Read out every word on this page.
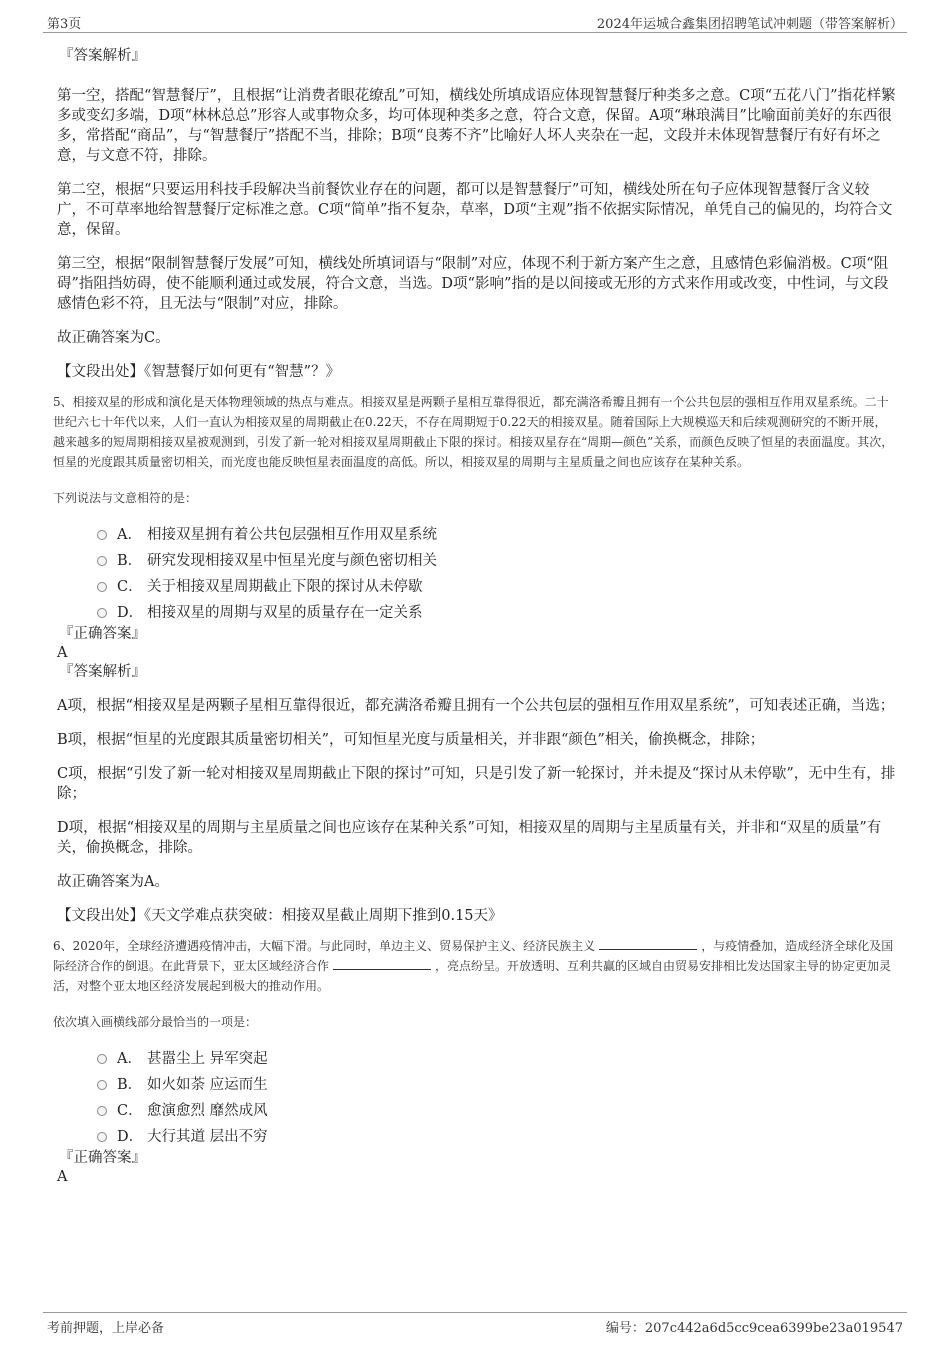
第3页	2024年运城合鑫集团招聘笔试冲刺题（带答案解析）

『答案解析』

第一空，搭配“智慧餐厅”，且根据“让消费者眼花缭乱”可知，横线处所填成语应体现智慧餐厅种类多之意。C项“五花八门”指花样繁多或变幻多端，D项“林林总总”形容人或事物众多，均可体现种类多之意，符合文意，保留。A项“琳琅满目”比喻面前美好的东西很多，常搭配“商品”，与“智慧餐厅”搭配不当，排除；B项“良莠不齐”比喻好人坏人夹杂在一起，文段并未体现智慧餐厅有好有坏之意，与文意不符，排除。

第二空，根据“只要运用科技手段解决当前餐饮业存在的问题，都可以是智慧餐厅”可知，横线处所在句子应体现智慧餐厅含义较广，不可草率地给智慧餐厅定标准之意。C项“简单”指不复杂，草率，D项“主观”指不依据实际情况，单凭自己的偏见的，均符合文意，保留。

第三空，根据“限制智慧餐厅发展”可知，横线处所填词语与“限制”对应，体现不利于新方案产生之意，且感情色彩偏消极。C项“阻碍”指阻挡妨碍，使不能顺利通过或发展，符合文意，当选。D项“影响”指的是以间接或无形的方式来作用或改变，中性词，与文段感情色彩不符，且无法与“限制”对应，排除。

故正确答案为C。

【文段出处】《智慧餐厅如何更有“智慧”？》

5、相接双星的形成和演化是天体物理领域的热点与难点。相接双星是两颗子星相互靠得很近，都充满洛希瓣且拥有一个公共包层的强相互作用双星系统。二十世纪六七十年代以来，人们一直认为相接双星的周期截止在0.22天，不存在周期短于0.22天的相接双星。随着国际上大规模巡天和后续观测研究的不断开展，越来越多的短周期相接双星被观测到，引发了新一轮对相接双星周期截止下限的探讨。相接双星存在“周期—颜色”关系，而颜色反映了恒星的表面温度。其次，恒星的光度跟其质量密切相关，而光度也能反映恒星表面温度的高低。所以，相接双星的周期与主星质量之间也应该存在某种关系。

下列说法与文意相符的是：

A． 相接双星拥有着公共包层强相互作用双星系统
B． 研究发现相接双星中恒星光度与颜色密切相关
C． 关于相接双星周期截止下限的探讨从未停歇
D． 相接双星的周期与双星的质量存在一定关系

『正确答案』

A

『答案解析』

A项，根据“相接双星是两颗子星相互靠得很近，都充满洛希瓣且拥有一个公共包层的强相互作用双星系统”，可知表述正确，当选；

B项，根据“恒星的光度跟其质量密切相关”，可知恒星光度与质量相关，并非跟“颜色”相关，偷换概念，排除；

C项，根据“引发了新一轮对相接双星周期截止下限的探讨”可知，只是引发了新一轮探讨，并未提及“探讨从未停歇”，无中生有，排除；

D项，根据“相接双星的周期与主星质量之间也应该存在某种关系”可知，相接双星的周期与主星质量有关，并非和“双星的质量”有关，偷换概念，排除。

故正确答案为A。

【文段出处】《天文学难点获突破：相接双星截止周期下推到0.15天》

6、2020年，全球经济遭遇疫情冲击，大幅下滑。与此同时，单边主义、贸易保护主义、经济民族主义	，与疫情叠加，造成经济全球化及国际经济合作的倒退。在此背景下，亚太区域经济合作	，亮点纷呈。开放透明、互利共赢的区域自由贸易安排相比发达国家主导的协定更加灵活，对整个亚太地区经济发展起到极大的推动作用。

依次填入画横线部分最恰当的一项是：

A． 甚嚣尘上 异军突起
B． 如火如荼 应运而生
C． 愈演愈烈 靡然成风
D． 大行其道 层出不穷

『正确答案』

A

考前押题，上岸必备	编号：207c442a6d5cc9cea6399be23a019547
